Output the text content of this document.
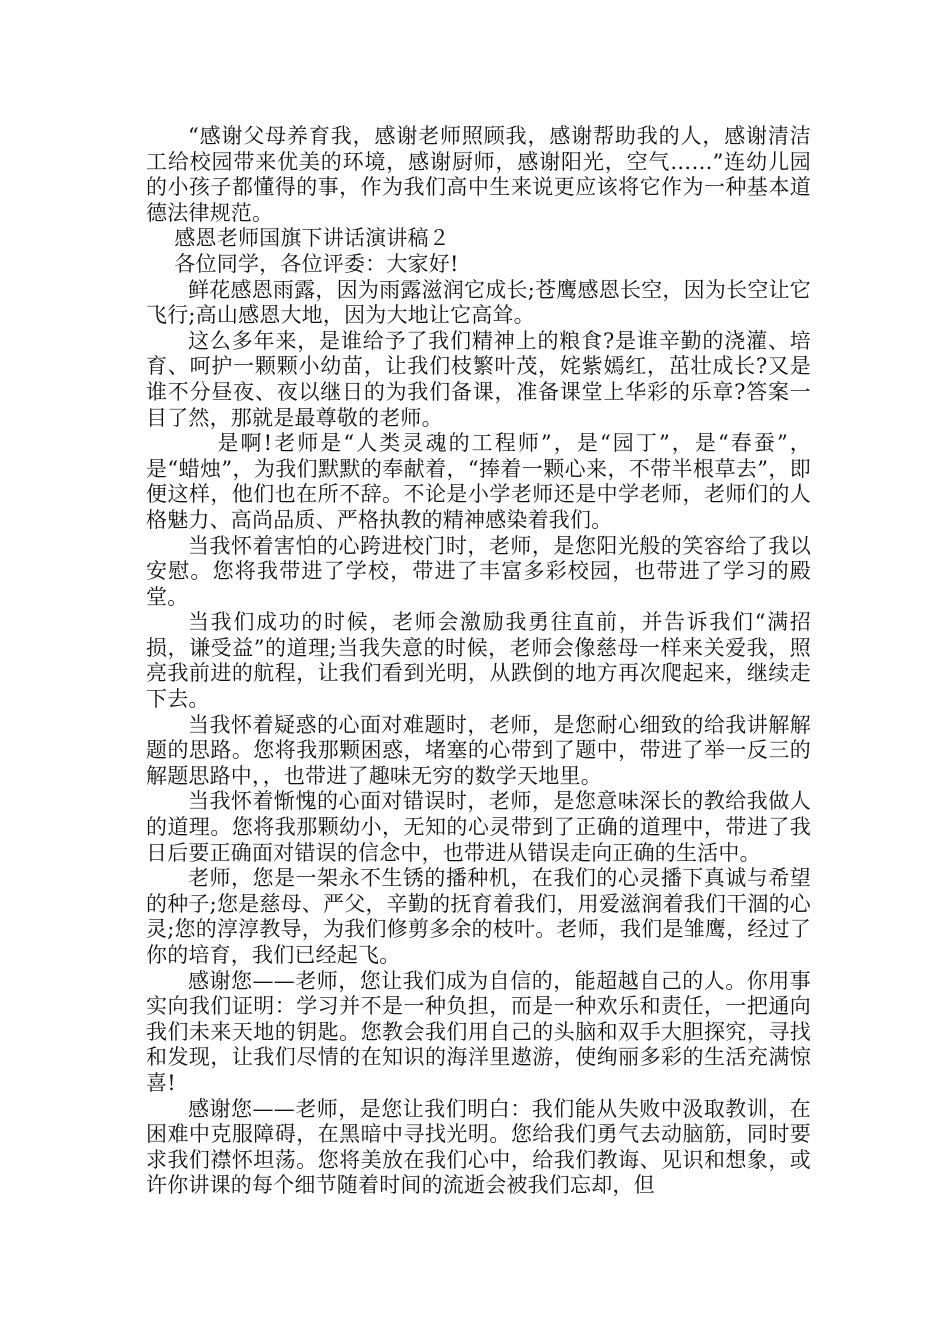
“感谢父母养育我，感谢老师照顾我，感谢帮助我的人，感谢清洁工给校园带来优美的环境，感谢厨师，感谢阳光，空气……”连幼儿园的小孩子都懂得的事，作为我们高中生来说更应该将它作为一种基本道德法律规范。

感恩老师国旗下讲话演讲稿２

各位同学，各位评委：大家好!

鲜花感恩雨露，因为雨露滋润它成长;苍鹰感恩长空，因为长空让它飞行;高山感恩大地，因为大地让它高耸。

这么多年来，是谁给予了我们精神上的粮食?是谁辛勤的浇灌、培育、呵护一颗颗小幼苗，让我们枝繁叶茂，姹紫嫣红，茁壮成长?又是谁不分昼夜、夜以继日的为我们备课，准备课堂上华彩的乐章?答案一目了然，那就是最尊敬的老师。

是啊!老师是“人类灵魂的工程师”，是“园丁”，是“春蚕”，是“蜡烛”，为我们默默的奉献着，“捧着一颗心来，不带半根草去”，即便这样，他们也在所不辞。不论是小学老师还是中学老师，老师们的人格魅力、高尚品质、严格执教的精神感染着我们。

当我怀着害怕的心跨进校门时，老师，是您阳光般的笑容给了我以安慰。您将我带进了学校，带进了丰富多彩校园，也带进了学习的殿堂。

当我们成功的时候，老师会激励我勇往直前，并告诉我们“满招损，谦受益”的道理;当我失意的时候，老师会像慈母一样来关爱我，照亮我前进的航程，让我们看到光明，从跌倒的地方再次爬起来，继续走下去。

当我怀着疑惑的心面对难题时，老师，是您耐心细致的给我讲解解题的思路。您将我那颗困惑，堵塞的心带到了题中，带进了举一反三的解题思路中，，也带进了趣味无穷的数学天地里。

当我怀着惭愧的心面对错误时，老师，是您意味深长的教给我做人的道理。您将我那颗幼小，无知的心灵带到了正确的道理中，带进了我日后要正确面对错误的信念中，也带进从错误走向正确的生活中。

老师，您是一架永不生锈的播种机，在我们的心灵播下真诚与希望的种子;您是慈母、严父，辛勤的抚育着我们，用爱滋润着我们干涸的心灵;您的淳淳教导，为我们修剪多余的枝叶。老师，我们是雏鹰，经过了你的培育，我们已经起飞。

感谢您——老师，您让我们成为自信的，能超越自己的人。你用事实向我们证明：学习并不是一种负担，而是一种欢乐和责任，一把通向我们未来天地的钥匙。您教会我们用自己的头脑和双手大胆探究，寻找和发现，让我们尽情的在知识的海洋里遨游，使绚丽多彩的生活充满惊喜!

感谢您——老师，是您让我们明白：我们能从失败中汲取教训，在困难中克服障碍，在黑暗中寻找光明。您给我们勇气去动脑筋，同时要求我们襟怀坦荡。您将美放在我们心中，给我们教诲、见识和想象，或许你讲课的每个细节随着时间的流逝会被我们忘却，但
